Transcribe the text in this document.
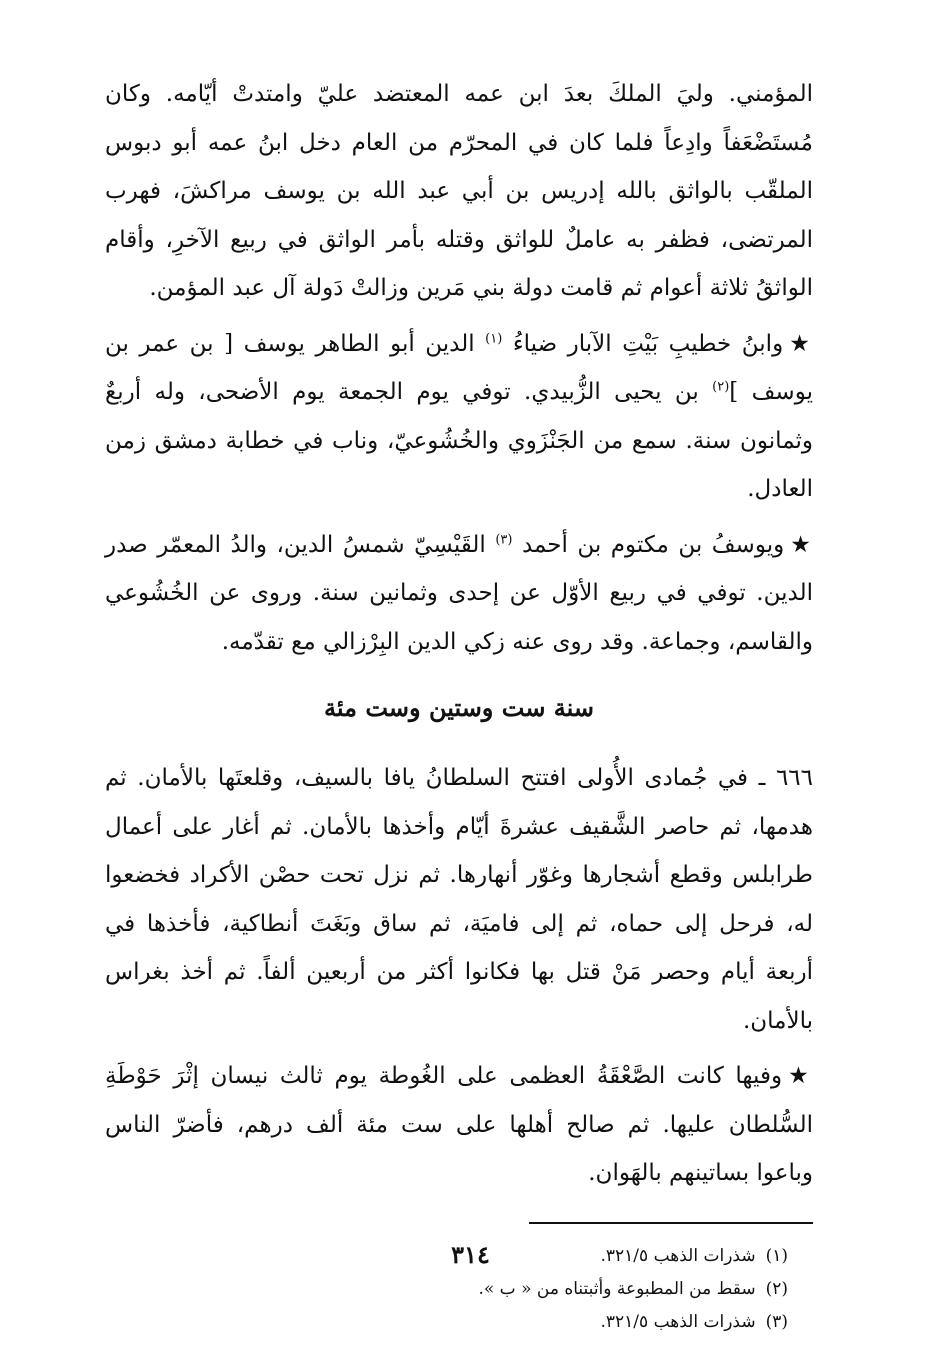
المؤمني. وليَ الملكَ بعدَ ابن عمه المعتضد عليّ وامتدتْ أيّامه. وكان مُستَضْعَفاً وادِعاً فلما كان في المحرّم من العام دخل ابنُ عمه أبو دبوس الملقّب بالواثق بالله إدريس بن أبي عبد الله بن يوسف مراكشَ، فهرب المرتضى، فظفر به عاملٌ للواثق وقتله بأمر الواثق في ربيع الآخرِ، وأقام الواثقُ ثلاثة أعوام ثم قامت دولة بني مَرين وزالتْ دَولة آل عبد المؤمن.

★وابنُ خطيبِ بَيْتِ الآبار ضياءُ $^{(١)}$ الدين أبو الطاهر يوسف [ بن عمر بن يوسف ]$^{(٢)}$ بن يحيى الزُّبيدي. توفي يوم الجمعة يوم الأضحى، وله أربعٌ وثمانون سنة. سمع من الجَنْزَوي والخُشُوعيّ، وناب في خطابة دمشق زمن العادل.

★ويوسفُ بن مكتوم بن أحمد $^{(٣)}$ القَيْسِيّ شمسُ الدين، والدُ المعمّر صدر الدين. توفي في ربيع الأوّل عن إحدى وثمانين سنة. وروى عن الخُشُوعي والقاسم، وجماعة. وقد روى عنه زكي الدين البِرْزالي مع تقدّمه.

سنة ست وستين وست مئة

٦٦٦ ـ في جُمادى الأُولى افتتح السلطانُ يافا بالسيف، وقلعتَها بالأمان. ثم هدمها، ثم حاصر الشَّقيف عشرةَ أيّام وأخذها بالأمان. ثم أغار على أعمال طرابلس وقطع أشجارها وغوّر أنهارها. ثم نزل تحت حصْن الأكراد فخضعوا له، فرحل إلى حماه، ثم إلى فاميَة، ثم ساق وبَغَتَ أنطاكية، فأخذها في أربعة أيام وحصر مَنْ قتل بها فكانوا أكثر من أربعين ألفاً. ثم أخذ بغراس بالأمان.

★وفيها كانت الصَّعْقَةُ العظمى على الغُوطة يوم ثالث نيسان إثْرَ حَوْطَةِ السُّلطان عليها. ثم صالح أهلها على ست مئة ألف درهم، فأضرّ الناس وباعوا بساتينهم بالهَوان.

(١)شذرات الذهب ٣٢١/٥.
(٢)سقط من المطبوعة وأثبتناه من « ب ».
(٣)شذرات الذهب ٣٢١/٥.
٣١٤
